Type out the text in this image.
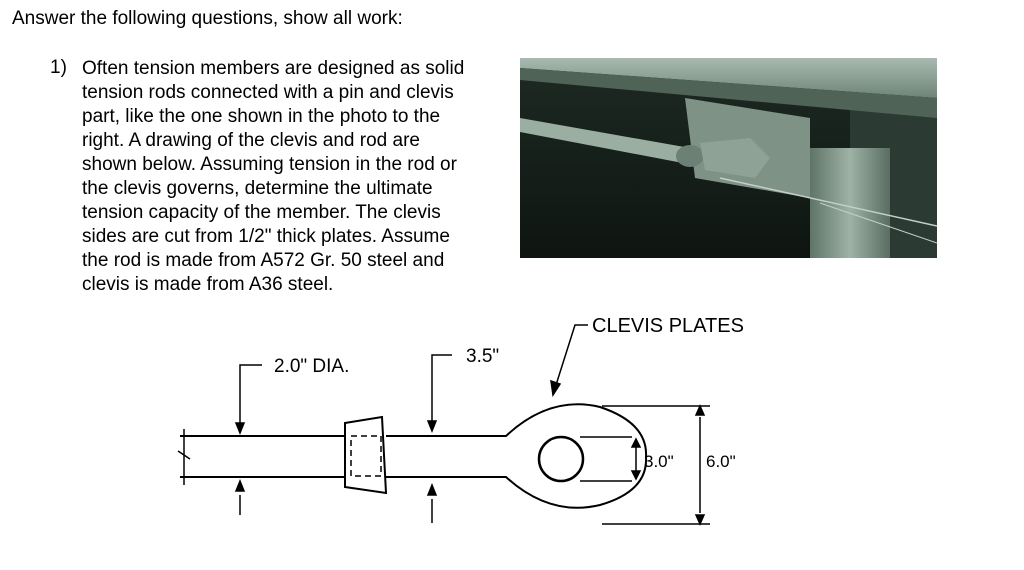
Answer the following questions, show all work:
1) Often tension members are designed as solid
tension rods connected with a pin and clevis
part, like the one shown in the photo to the
right. A drawing of the clevis and rod are
shown below. Assuming tension in the rod or
the clevis governs, determine the ultimate
tension capacity of the member. The clevis
sides are cut from 1/2" thick plates. Assume
the rod is made from A572 Gr. 50 steel and
clevis is made from A36 steel.
2.0" DIA.	3.5"
CLEVIS PLATES
3.0" 6.0"
